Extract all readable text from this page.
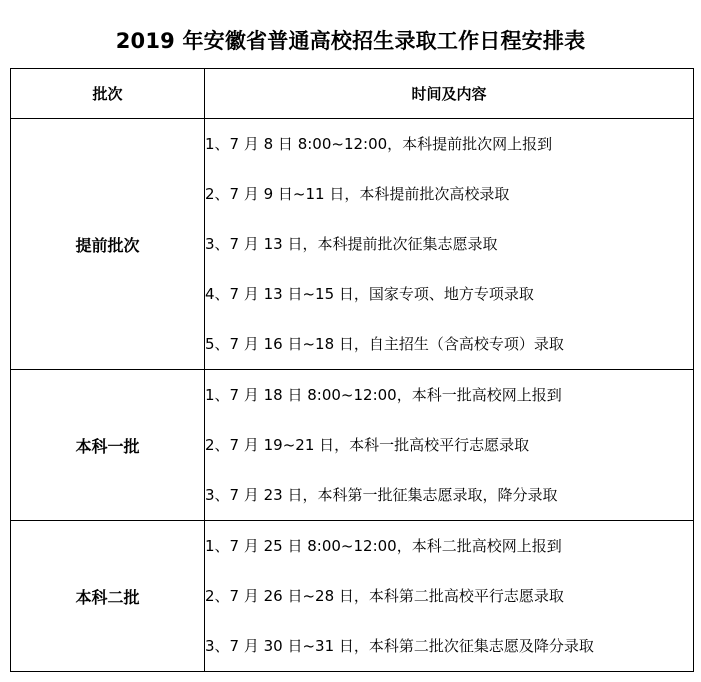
2019 年安徽省普通高校招生录取工作日程安排表
批次	时间及内容
提前批次	1、7 月 8 日 8:00~12:00，本科提前批次网上报到
2、7 月 9 日~11 日，本科提前批次高校录取
3、7 月 13 日，本科提前批次征集志愿录取
4、7 月 13 日~15 日，国家专项、地方专项录取
5、7 月 16 日~18 日，自主招生（含高校专项）录取

本科一批	1、7 月 18 日 8:00~12:00，本科一批高校网上报到
2、7 月 19~21 日，本科一批高校平行志愿录取
3、7 月 23 日，本科第一批征集志愿录取，降分录取

本科二批	1、7 月 25 日 8:00~12:00，本科二批高校网上报到
2、7 月 26 日~28 日，本科第二批高校平行志愿录取
3、7 月 30 日~31 日，本科第二批次征集志愿及降分录取
